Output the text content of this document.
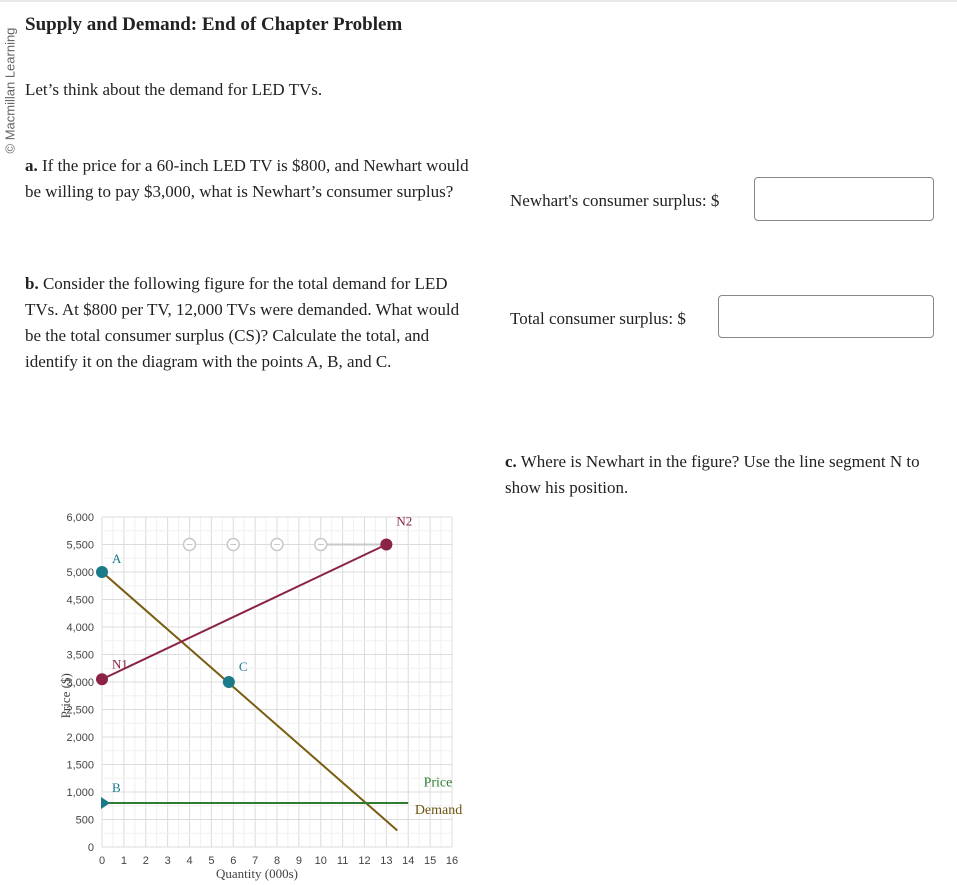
© Macmillan Learning
Supply and Demand: End of Chapter Problem
Let’s think about the demand for LED TVs.
a. If the price for a 60-inch LED TV is $800, and Newhart would be willing to pay $3,000, what is Newhart’s consumer surplus?
b. Consider the following figure for the total demand for LED TVs. At $800 per TV, 12,000 TVs were demanded. What would be the total consumer surplus (CS)? Calculate the total, and identify it on the diagram with the points A, B, and C.
Newhart's consumer surplus: $
Total consumer surplus: $
c. Where is Newhart in the figure? Use the line segment N to show his position.
0 1 2 3 4 5 6 7 8 9 10 11 12 13 14 15 16
0
500
1,000
1,500
2,000
2,500
3,000
3,500
4,000
4,500
5,000
5,500
6,000
A
B
C
N1
N2
Quantity (000s)
Price ($)
Price
Demand
